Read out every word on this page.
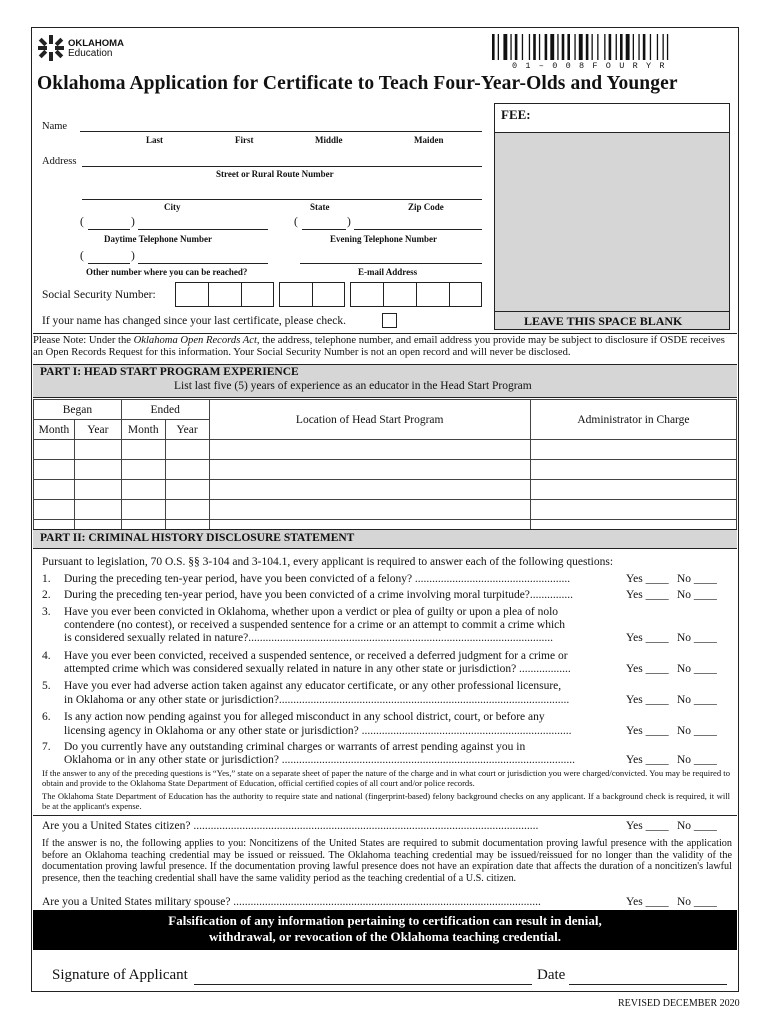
OKLAHOMA
Education
0 1 – 0 0 8 F O U R Y R
Oklahoma Application for Certificate to Teach Four-Year-Olds and Younger
Name
Last	First	Middle	Maiden
Address
Street or Rural Route Number
City	State	Zip Code
(	)
Daytime Telephone Number
(	)
Evening Telephone Number
(	)
Other number where you can be reached?	E-mail Address
Social Security Number:
If your name has changed since your last certificate, please check.
FEE:
LEAVE THIS SPACE BLANK
Please Note: Under the Oklahoma Open Records Act, the address, telephone number, and email address you provide may be subject to disclosure if OSDE receives an Open Records Request for this information. Your Social Security Number is not an open record and will never be disclosed.
PART I: HEAD START PROGRAM EXPERIENCE
List last five (5) years of experience as an educator in the Head Start Program
Began		Ended		Location of Head Start Program	Administrator in Charge
Month	Year	Month	Year		

PART II: CRIMINAL HISTORY DISCLOSURE STATEMENT
Pursuant to legislation, 70 O.S. §§ 3-104 and 3-104.1, every applicant is required to answer each of the following questions:
1. During the preceding ten-year period, have you been convicted of a felony? ......................................................	Yes ____ No ____
2. During the preceding ten-year period, have you been convicted of a crime involving moral turpitude?...............	Yes ____ No ____
3. Have you ever been convicted in Oklahoma, whether upon a verdict or plea of guilty or upon a plea of nolo
contendere (no contest), or received a suspended sentence for a crime or an attempt to commit a crime which
is considered sexually related in nature?..........................................................................................................	Yes ____ No ____
4. Have you ever been convicted, received a suspended sentence, or received a deferred judgment for a crime or
attempted crime which was considered sexually related in nature in any other state or jurisdiction? ..................	Yes ____ No ____
5. Have you ever had adverse action taken against any educator certificate, or any other professional licensure,
in Oklahoma or any other state or jurisdiction?.....................................................................................................	Yes ____ No ____
6. Is any action now pending against you for alleged misconduct in any school district, court, or before any
licensing agency in Oklahoma or any other state or jurisdiction? .........................................................................	Yes ____ No ____
7. Do you currently have any outstanding criminal charges or warrants of arrest pending against you in
Oklahoma or in any other state or jurisdiction? ......................................................................................................	Yes ____ No ____
If the answer to any of the preceding questions is “Yes,” state on a separate sheet of paper the nature of the charge and in what court or jurisdiction you were charged/convicted. You may be required to obtain and provide to the Oklahoma State Department of Education, official certified copies of all court and/or police records.
The Oklahoma State Department of Education has the authority to require state and national (fingerprint-based) felony background checks on any applicant. If a background check is required, it will be at the applicant's expense.
Are you a United States citizen? ........................................................................................................................	Yes ____ No ____
If the answer is no, the following applies to you: Noncitizens of the United States are required to submit documentation proving lawful presence with the application before an Oklahoma teaching credential may be issued or reissued. The Oklahoma teaching credential may be issued/reissued for no longer than the validity of the documentation proving lawful presence. If the documentation proving lawful presence does not have an expiration date that affects the duration of a noncitizen's lawful presence, then the teaching credential shall have the same validity period as the teaching credential of a U.S. citizen.
Are you a United States military spouse? ...........................................................................................................	Yes ____ No ____
Falsification of any information pertaining to certification can result in denial,
withdrawal, or revocation of the Oklahoma teaching credential.
Signature of Applicant	Date
REVISED DECEMBER 2020
